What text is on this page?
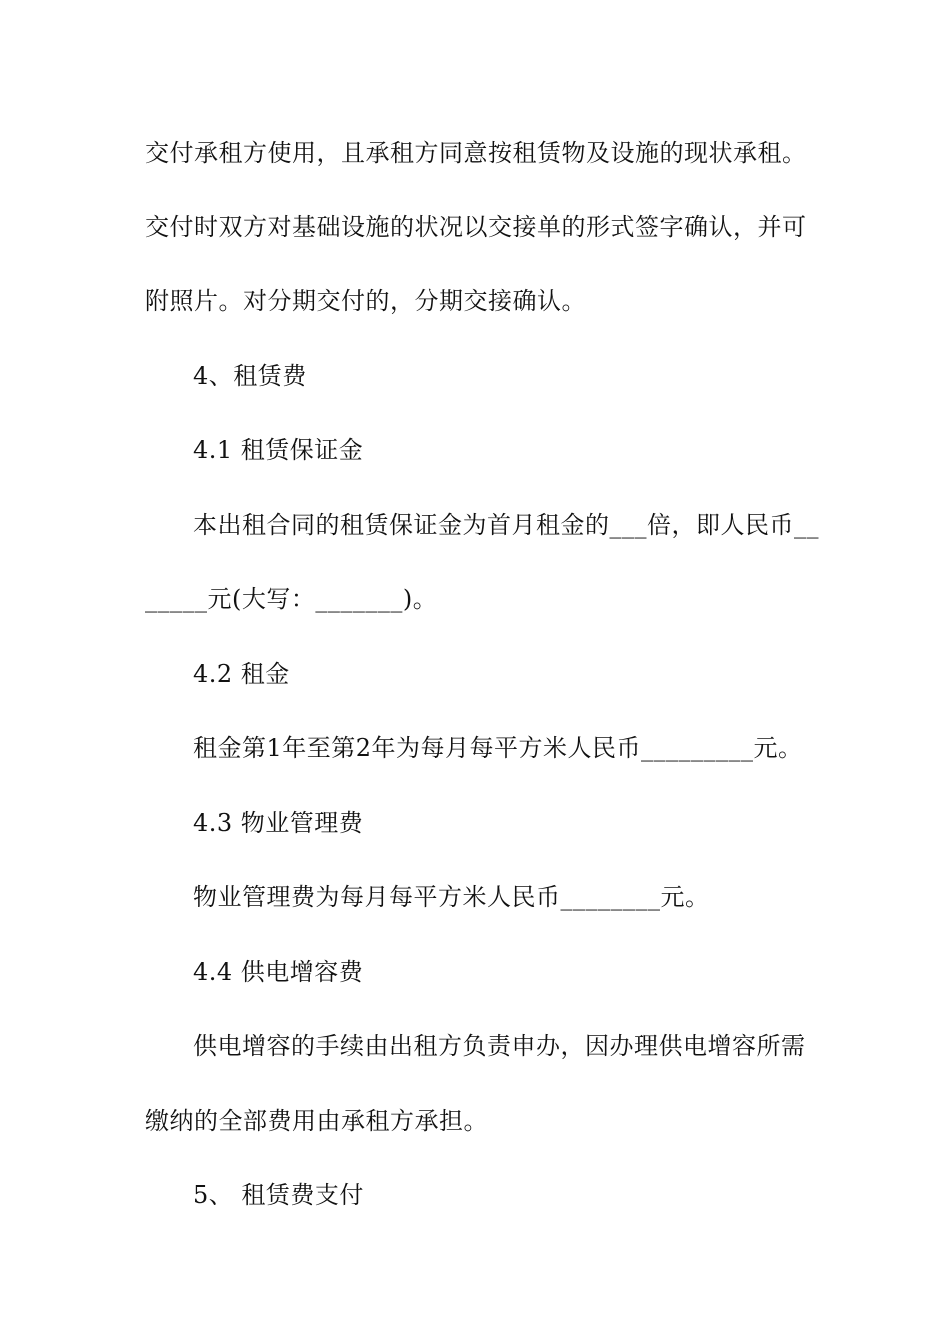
交付承租方使用，且承租方同意按租赁物及设施的现状承租。
交付时双方对基础设施的状况以交接单的形式签字确认，并可
附照片。对分期交付的，分期交接确认。
4、租赁费
4.1 租赁保证金
本出租合同的租赁保证金为首月租金的___倍，即人民币__
_____元(大写：_______)。
4.2 租金
租金第1年至第2年为每月每平方米人民币_________元。
4.3 物业管理费
物业管理费为每月每平方米人民币________元。
4.4 供电增容费
供电增容的手续由出租方负责申办，因办理供电增容所需
缴纳的全部费用由承租方承担。
5、 租赁费支付
